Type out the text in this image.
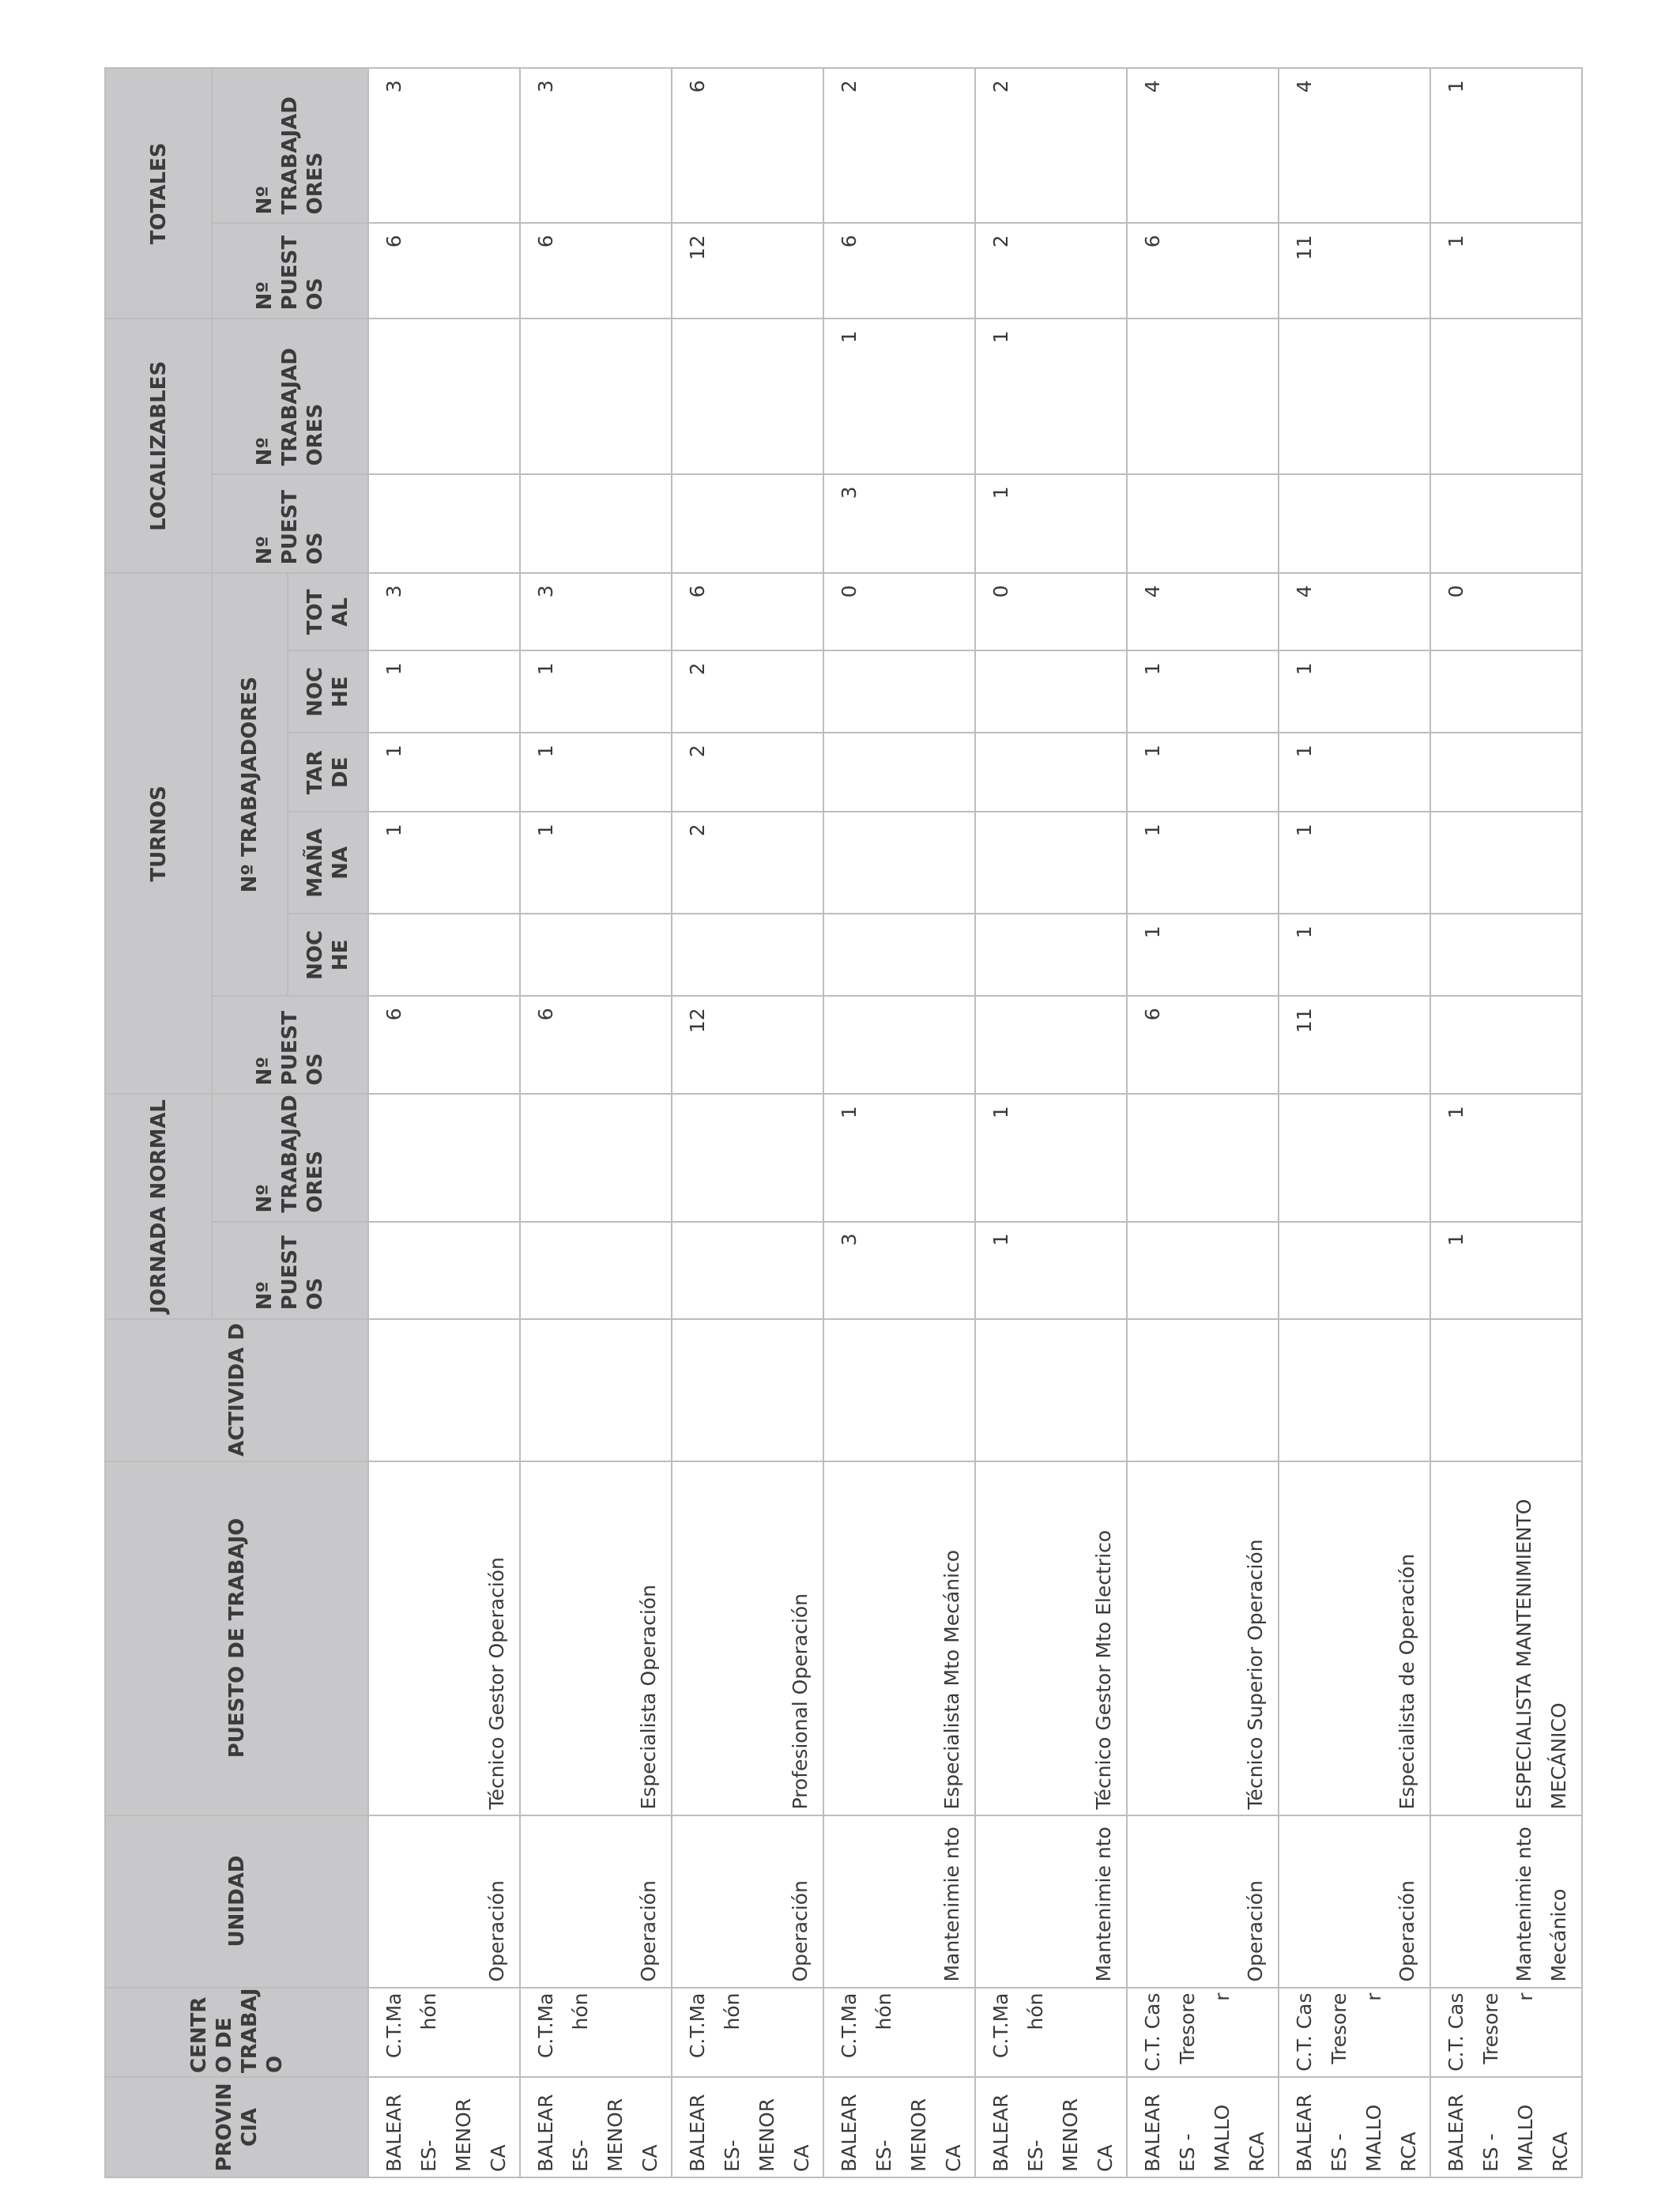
PROVIN CIA	CENTR O DE TRABAJ O	UNIDAD	PUESTO DE TRABAJO	ACTIVIDA D	JORNADA NORMAL		TURNOS						LOCALIZABLES		TOTALES	
					Nº PUEST OS	Nº TRABAJAD ORES	Nº PUEST OS	Nº TRABAJADORES					Nº PUEST OS	Nº TRABAJAD ORES	Nº PUEST OS	Nº TRABAJAD ORES
								NOC HE	MAÑA NA	TAR DE	NOC HE	TOT AL				
BALEAR ES- MENOR CA	C.T.Ma hón	Operación	Técnico Gestor Operación				6		1	1	1	3			6	3
BALEAR ES- MENOR CA	C.T.Ma hón	Operación	Especialista Operación				6		1	1	1	3			6	3
BALEAR ES- MENOR CA	C.T.Ma hón	Operación	Profesional Operación				12		2	2	2	6			12	6
BALEAR ES- MENOR CA	C.T.Ma hón	Mantenimie nto	Especialista Mto Mecánico		3	1						0	3	1	6	2
BALEAR ES- MENOR CA	C.T.Ma hón	Mantenimie nto	Técnico Gestor Mto Electrico		1	1						0	1	1	2	2
BALEAR ES - MALLO RCA	C.T. Cas Tresore r	Operación	Técnico Superior Operación				6	1	1	1	1	4			6	4
BALEAR ES - MALLO RCA	C.T. Cas Tresore r	Operación	Especialista de Operación				11	1	1	1	1	4			11	4
BALEAR ES - MALLO RCA	C.T. Cas Tresore r	Mantenimie nto Mecánico	ESPECIALISTA MANTENIMIENTO MECÁNICO		1	1						0			1	1
